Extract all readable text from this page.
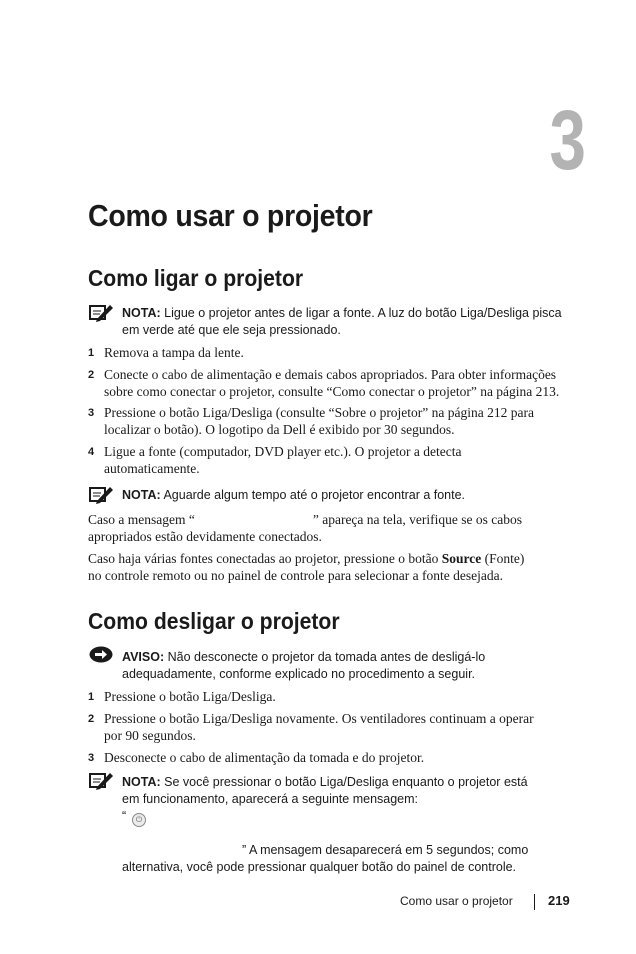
3
Como usar o projetor
Como ligar o projetor
NOTA: Ligue o projetor antes de ligar a fonte. A luz do botão Liga/Desliga pisca
em verde até que ele seja pressionado.
1 Remova a tampa da lente.
2 Conecte o cabo de alimentação e demais cabos apropriados. Para obter informações
sobre como conectar o projetor, consulte “Como conectar o projetor” na página 213.
3 Pressione o botão Liga/Desliga (consulte “Sobre o projetor” na página 212 para
localizar o botão). O logotipo da Dell é exibido por 30 segundos.
4 Ligue a fonte (computador, DVD player etc.). O projetor a detecta
automaticamente.
NOTA: Aguarde algum tempo até o projetor encontrar a fonte.
Caso a mensagem “	” apareça na tela, verifique se os cabos
apropriados estão devidamente conectados.
Caso haja várias fontes conectadas ao projetor, pressione o botão Source (Fonte)
no controle remoto ou no painel de controle para selecionar a fonte desejada.
Como desligar o projetor
AVISO: Não desconecte o projetor da tomada antes de desligá-lo
adequadamente, conforme explicado no procedimento a seguir.
1 Pressione o botão Liga/Desliga.
2 Pressione o botão Liga/Desliga novamente. Os ventiladores continuam a operar
por 90 segundos.
3 Desconecte o cabo de alimentação da tomada e do projetor.
NOTA: Se você pressionar o botão Liga/Desliga enquanto o projetor está
em funcionamento, aparecerá a seguinte mensagem:
“
” A mensagem desaparecerá em 5 segundos; como
alternativa, você pode pressionar qualquer botão do painel de controle.
⏻
Como usar o projetor	219
